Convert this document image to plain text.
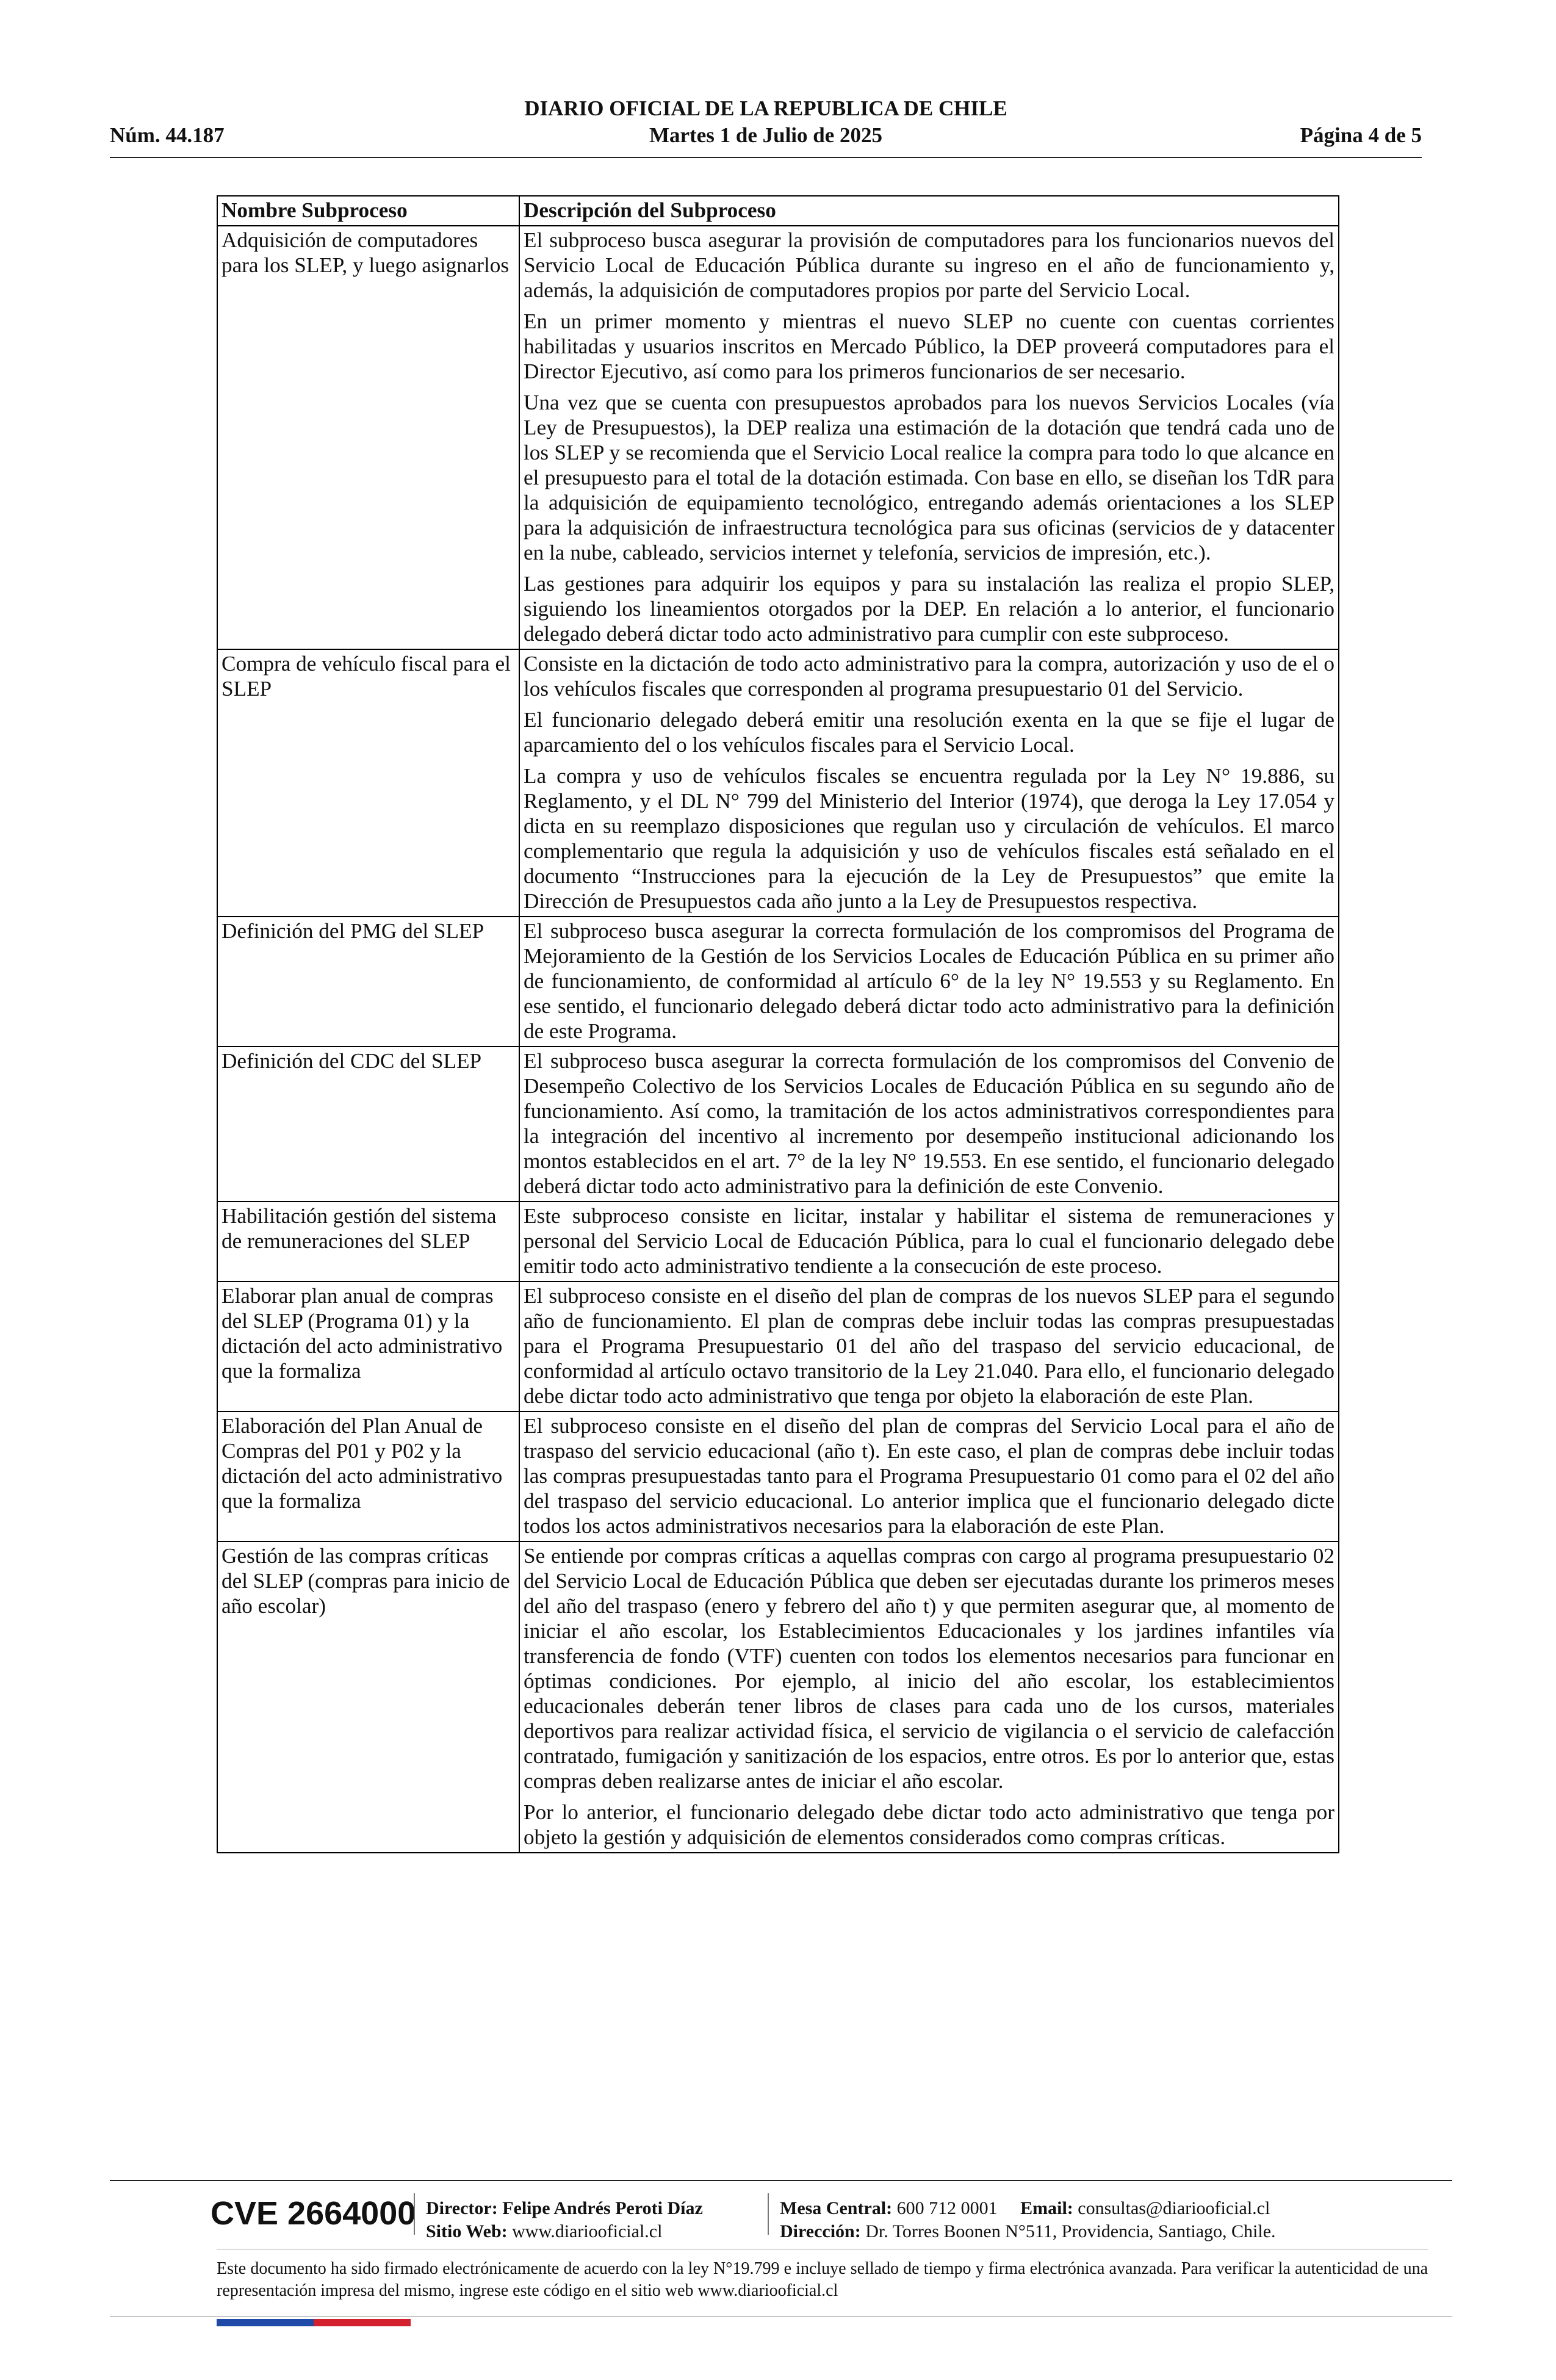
DIARIO OFICIAL DE LA REPUBLICA DE CHILE
Núm. 44.187	Martes 1 de Julio de 2025	Página 4 de 5
Nombre Subproceso	Descripción del Subproceso
Adquisición de computadores para los SLEP, y luego asignarlos	El subproceso busca asegurar la provisión de computadores para los funcionarios nuevos del Servicio Local de Educación Pública durante su ingreso en el año de funcionamiento y, además, la adquisición de computadores propios por parte del Servicio Local.

En un primer momento y mientras el nuevo SLEP no cuente con cuentas corrientes habilitadas y usuarios inscritos en Mercado Público, la DEP proveerá computadores para el Director Ejecutivo, así como para los primeros funcionarios de ser necesario.

Una vez que se cuenta con presupuestos aprobados para los nuevos Servicios Locales (vía Ley de Presupuestos), la DEP realiza una estimación de la dotación que tendrá cada uno de los SLEP y se recomienda que el Servicio Local realice la compra para todo lo que alcance en el presupuesto para el total de la dotación estimada. Con base en ello, se diseñan los TdR para la adquisición de equipamiento tecnológico, entregando además orientaciones a los SLEP para la adquisición de infraestructura tecnológica para sus oficinas (servicios de y datacenter en la nube, cableado, servicios internet y telefonía, servicios de impresión, etc.).

Las gestiones para adquirir los equipos y para su instalación las realiza el propio SLEP, siguiendo los lineamientos otorgados por la DEP. En relación a lo anterior, el funcionario delegado deberá dictar todo acto administrativo para cumplir con este subproceso.

Compra de vehículo fiscal para el SLEP	Consiste en la dictación de todo acto administrativo para la compra, autorización y uso de el o los vehículos fiscales que corresponden al programa presupuestario 01 del Servicio.

El funcionario delegado deberá emitir una resolución exenta en la que se fije el lugar de aparcamiento del o los vehículos fiscales para el Servicio Local.

La compra y uso de vehículos fiscales se encuentra regulada por la Ley N° 19.886, su Reglamento, y el DL N° 799 del Ministerio del Interior (1974), que deroga la Ley 17.054 y dicta en su reemplazo disposiciones que regulan uso y circulación de vehículos. El marco complementario que regula la adquisición y uso de vehículos fiscales está señalado en el documento “Instrucciones para la ejecución de la Ley de Presupuestos” que emite la Dirección de Presupuestos cada año junto a la Ley de Presupuestos respectiva.

Definición del PMG del SLEP	El subproceso busca asegurar la correcta formulación de los compromisos del Programa de Mejoramiento de la Gestión de los Servicios Locales de Educación Pública en su primer año de funcionamiento, de conformidad al artículo 6° de la ley N° 19.553 y su Reglamento. En ese sentido, el funcionario delegado deberá dictar todo acto administrativo para la definición de este Programa.

Definición del CDC del SLEP	El subproceso busca asegurar la correcta formulación de los compromisos del Convenio de Desempeño Colectivo de los Servicios Locales de Educación Pública en su segundo año de funcionamiento. Así como, la tramitación de los actos administrativos correspondientes para la integración del incentivo al incremento por desempeño institucional adicionando los montos establecidos en el art. 7° de la ley N° 19.553. En ese sentido, el funcionario delegado deberá dictar todo acto administrativo para la definición de este Convenio.

Habilitación gestión del sistema de remuneraciones del SLEP	Este subproceso consiste en licitar, instalar y habilitar el sistema de remuneraciones y personal del Servicio Local de Educación Pública, para lo cual el funcionario delegado debe emitir todo acto administrativo tendiente a la consecución de este proceso.

Elaborar plan anual de compras del SLEP (Programa 01) y la dictación del acto administrativo que la formaliza	El subproceso consiste en el diseño del plan de compras de los nuevos SLEP para el segundo año de funcionamiento. El plan de compras debe incluir todas las compras presupuestadas para el Programa Presupuestario 01 del año del traspaso del servicio educacional, de conformidad al artículo octavo transitorio de la Ley 21.040. Para ello, el funcionario delegado debe dictar todo acto administrativo que tenga por objeto la elaboración de este Plan.

Elaboración del Plan Anual de Compras del P01 y P02 y la dictación del acto administrativo que la formaliza	El subproceso consiste en el diseño del plan de compras del Servicio Local para el año de traspaso del servicio educacional (año t). En este caso, el plan de compras debe incluir todas las compras presupuestadas tanto para el Programa Presupuestario 01 como para el 02 del año del traspaso del servicio educacional. Lo anterior implica que el funcionario delegado dicte todos los actos administrativos necesarios para la elaboración de este Plan.

Gestión de las compras críticas del SLEP (compras para inicio de año escolar)	Se entiende por compras críticas a aquellas compras con cargo al programa presupuestario 02 del Servicio Local de Educación Pública que deben ser ejecutadas durante los primeros meses del año del traspaso (enero y febrero del año t) y que permiten asegurar que, al momento de iniciar el año escolar, los Establecimientos Educacionales y los jardines infantiles vía transferencia de fondo (VTF) cuenten con todos los elementos necesarios para funcionar en óptimas condiciones. Por ejemplo, al inicio del año escolar, los establecimientos educacionales deberán tener libros de clases para cada uno de los cursos, materiales deportivos para realizar actividad física, el servicio de vigilancia o el servicio de calefacción contratado, fumigación y sanitización de los espacios, entre otros. Es por lo anterior que, estas compras deben realizarse antes de iniciar el año escolar.

Por lo anterior, el funcionario delegado debe dictar todo acto administrativo que tenga por objeto la gestión y adquisición de elementos considerados como compras críticas.

CVE 2664000 Director: Felipe Andrés Peroti Díaz
Sitio Web: www.diariooficial.cl
Mesa Central: 600 712 0001 Email: consultas@diariooficial.cl
Dirección: Dr. Torres Boonen N°511, Providencia, Santiago, Chile.
Este documento ha sido firmado electrónicamente de acuerdo con la ley N°19.799 e incluye sellado de tiempo y firma electrónica avanzada. Para verificar la autenticidad de una representación impresa del mismo, ingrese este código en el sitio web www.diariooficial.cl
